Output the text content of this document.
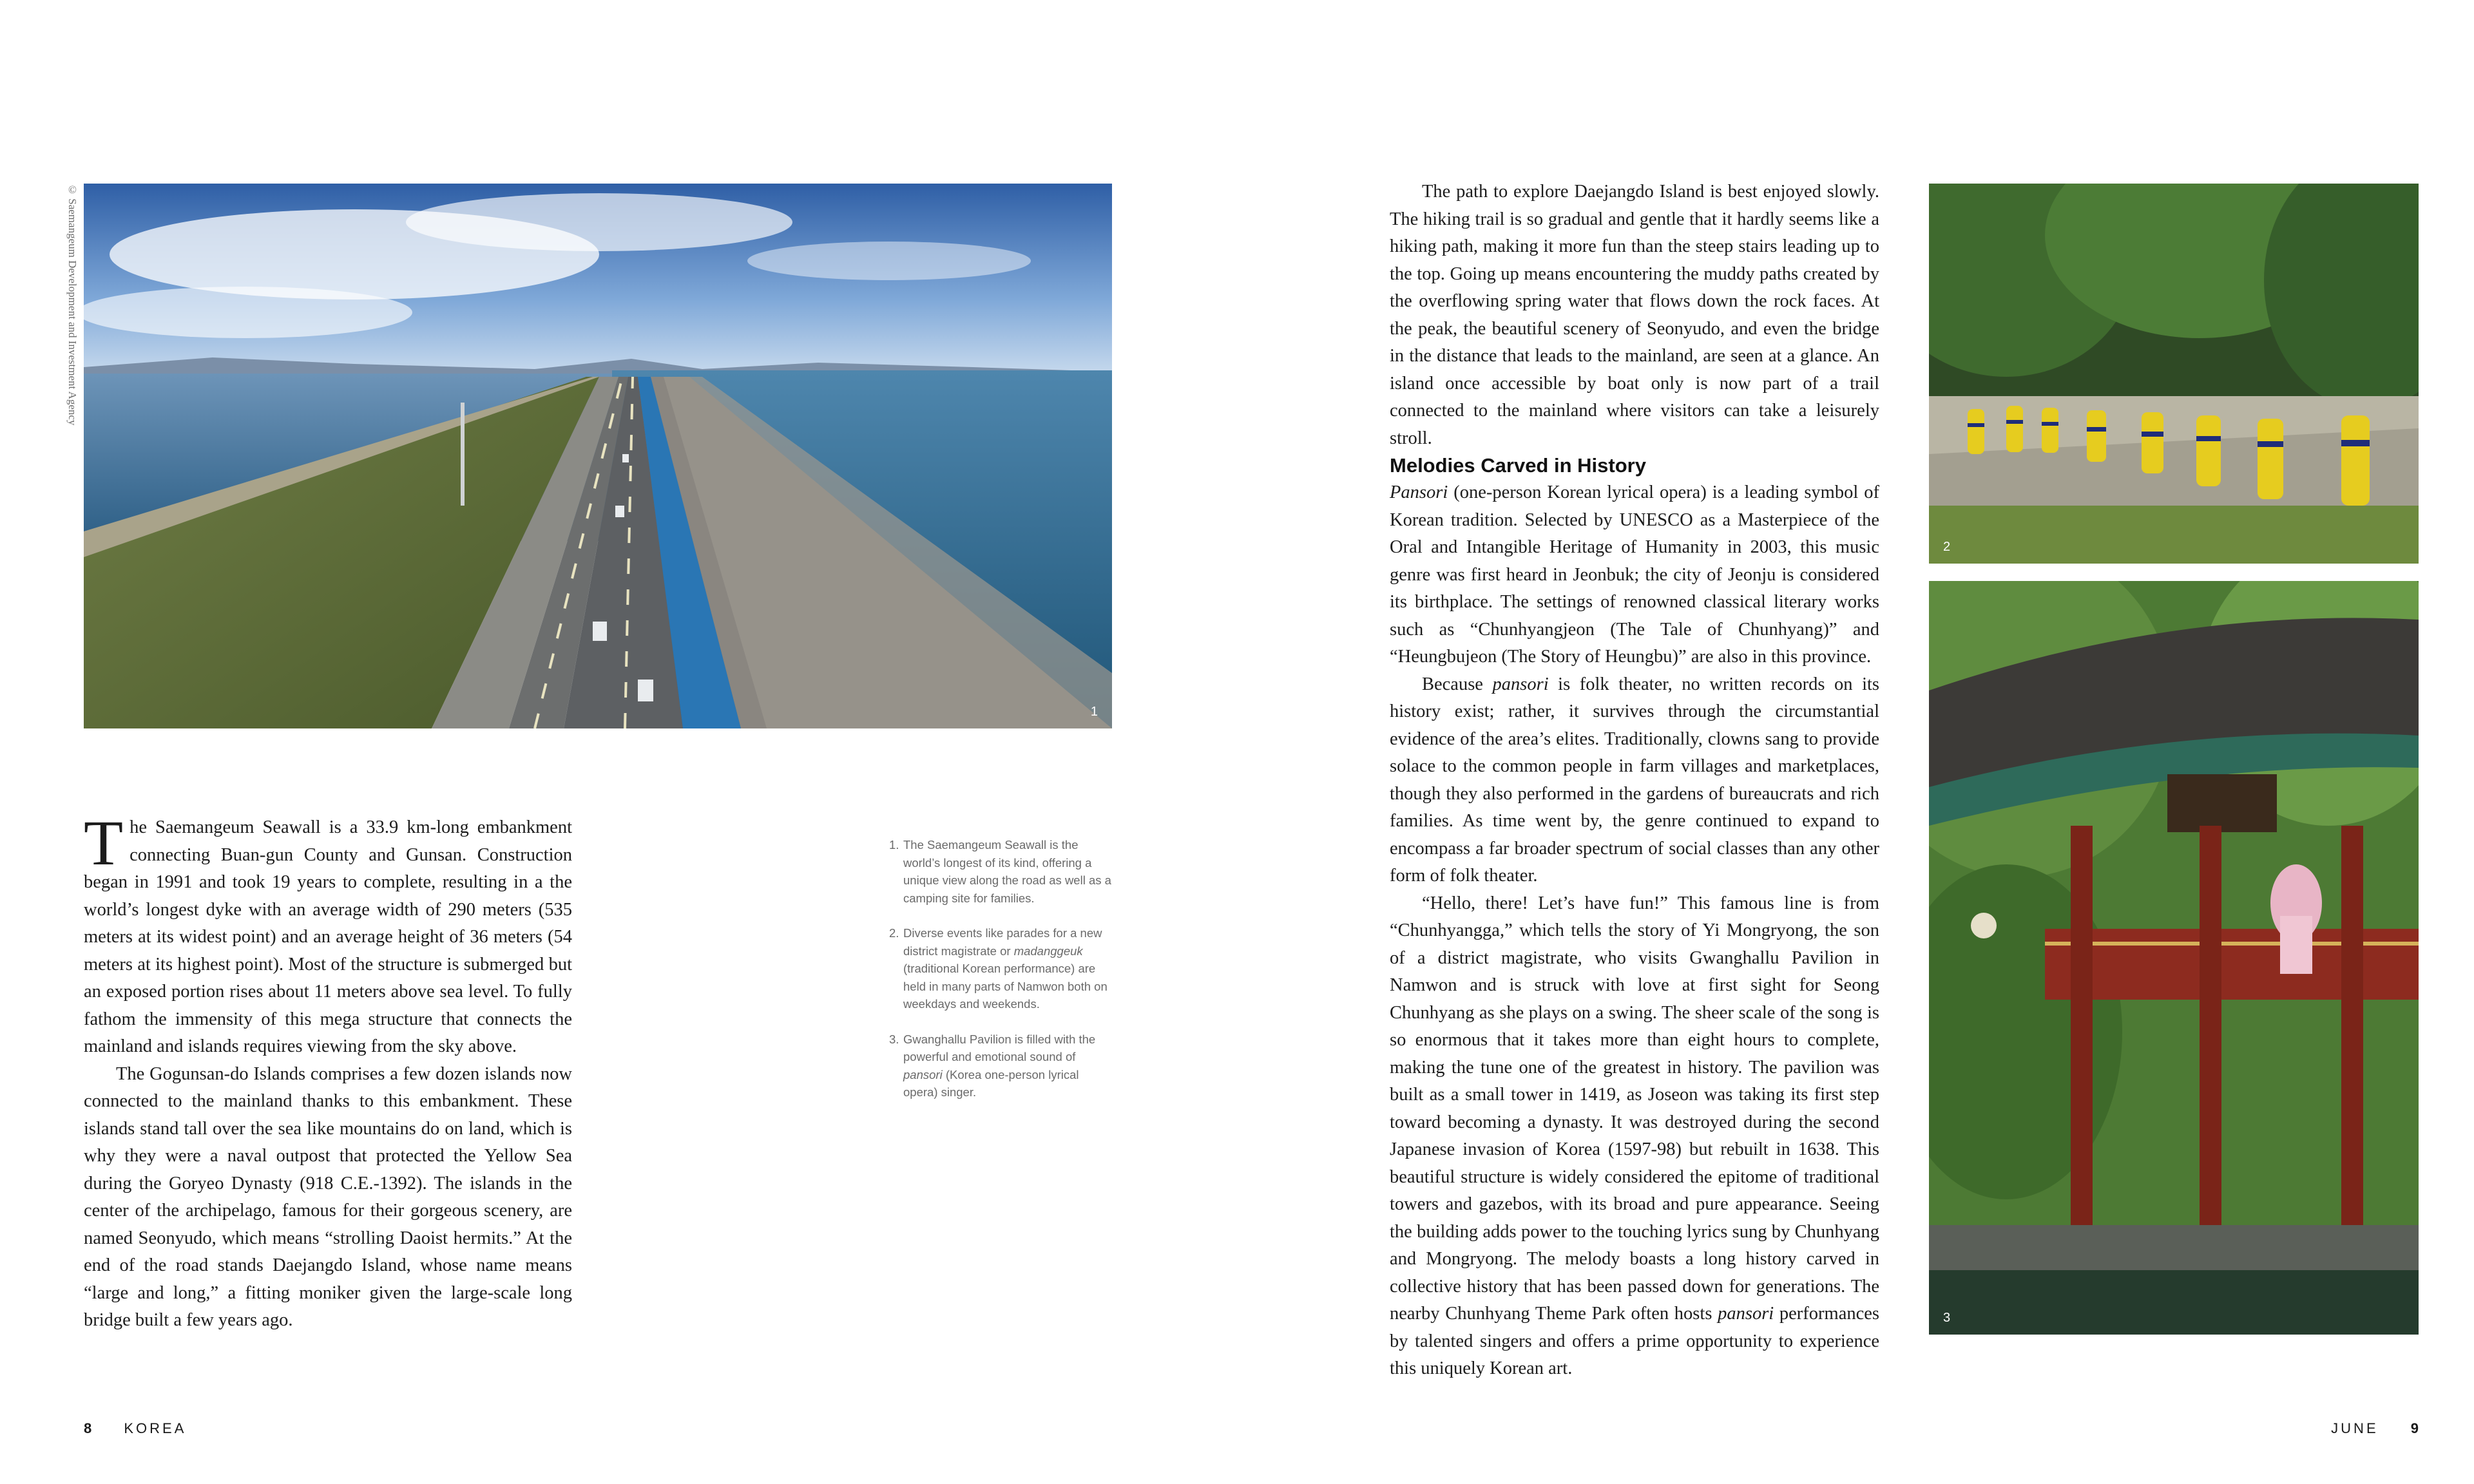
1
© Saemangeum Development and Investment Agency
2
3

The Saemangeum Seawall is a 33.9 km-long embankment connecting Buan-gun County and Gunsan. Construction began in 1991 and took 19 years to complete, resulting in a the world’s longest dyke with an average width of 290 meters (535 meters at its widest point) and an average height of 36 meters (54 meters at its highest point). Most of the structure is submerged but an exposed portion rises about 11 meters above sea level. To fully fathom the immensity of this mega structure that connects the mainland and islands requires viewing from the sky above.

The Gogunsan-do Islands comprises a few dozen islands now connected to the mainland thanks to this embankment. These islands stand tall over the sea like mountains do on land, which is why they were a naval outpost that protected the Yellow Sea during the Goryeo Dynasty (918 C.E.-1392). The islands in the center of the archipelago, famous for their gorgeous scenery, are named Seonyudo, which means “strolling Daoist hermits.” At the end of the road stands Daejangdo Island, whose name means “large and long,” a fitting moniker given the large-scale long bridge built a few years ago.

1. The Saemangeum Seawall is the world’s longest of its kind, offering a unique view along the road as well as a camping site for families.
2. Diverse events like parades for a new district magistrate or madanggeuk (traditional Korean performance) are held in many parts of Namwon both on weekdays and weekends.
3. Gwanghallu Pavilion is filled with the powerful and emotional sound of pansori (Korea one-person lyrical opera) singer.

The path to explore Daejangdo Island is best enjoyed slowly. The hiking trail is so gradual and gentle that it hardly seems like a hiking path, making it more fun than the steep stairs leading up to the top. Going up means encountering the muddy paths created by the overflowing spring water that flows down the rock faces. At the peak, the beautiful scenery of Seonyudo, and even the bridge in the distance that leads to the mainland, are seen at a glance. An island once accessible by boat only is now part of a trail connected to the mainland where visitors can take a leisurely stroll.

Melodies Carved in History

Pansori (one-person Korean lyrical opera) is a leading symbol of Korean tradition. Selected by UNESCO as a Masterpiece of the Oral and Intangible Heritage of Humanity in 2003, this music genre was first heard in Jeonbuk; the city of Jeonju is considered its birthplace. The settings of renowned classical literary works such as “Chunhyangjeon (The Tale of Chunhyang)” and “Heungbujeon (The Story of Heungbu)” are also in this province.

Because pansori is folk theater, no written records on its history exist; rather, it survives through the circumstantial evidence of the area’s elites. Traditionally, clowns sang to provide solace to the common people in farm villages and marketplaces, though they also performed in the gardens of bureaucrats and rich families. As time went by, the genre continued to expand to encompass a far broader spectrum of social classes than any other form of folk theater.

“Hello, there! Let’s have fun!” This famous line is from “Chunhyangga,” which tells the story of Yi Mongryong, the son of a district magistrate, who visits Gwanghallu Pavilion in Namwon and is struck with love at first sight for Seong Chunhyang as she plays on a swing. The sheer scale of the song is so enormous that it takes more than eight hours to complete, making the tune one of the greatest in history. The pavilion was built as a small tower in 1419, as Joseon was taking its first step toward becoming a dynasty. It was destroyed during the second Japanese invasion of Korea (1597-98) but rebuilt in 1638. This beautiful structure is widely considered the epitome of traditional towers and gazebos, with its broad and pure appearance. Seeing the building adds power to the touching lyrics sung by Chunhyang and Mongryong. The melody boasts a long history carved in collective history that has been passed down for generations. The nearby Chunhyang Theme Park often hosts pansori performances by talented singers and offers a prime opportunity to experience this uniquely Korean art.

8 KOREA	JUNE 9
